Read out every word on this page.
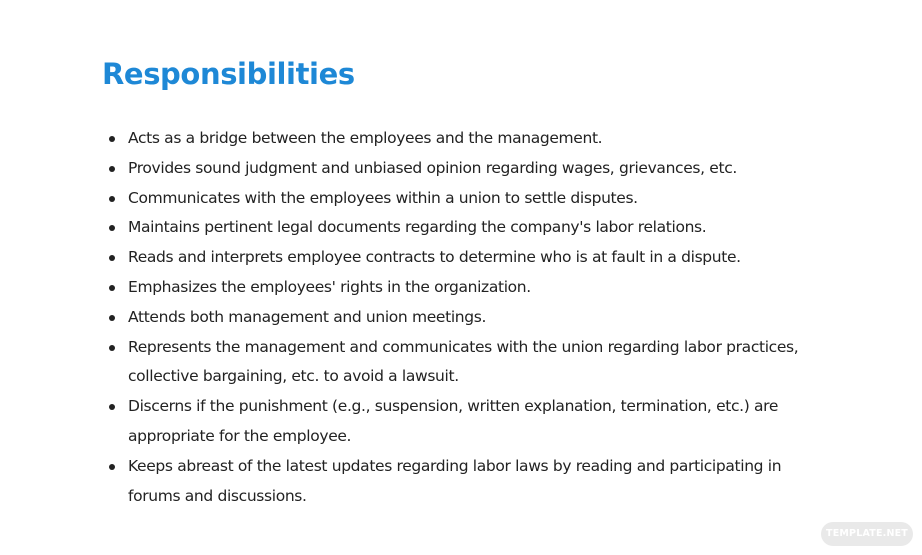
Responsibilities
Acts as a bridge between the employees and the management.
Provides sound judgment and unbiased opinion regarding wages, grievances, etc.
Communicates with the employees within a union to settle disputes.
Maintains pertinent legal documents regarding the company's labor relations.
Reads and interprets employee contracts to determine who is at fault in a dispute.
Emphasizes the employees' rights in the organization.
Attends both management and union meetings.
Represents the management and communicates with the union regarding labor practices, collective bargaining, etc. to avoid a lawsuit.
Discerns if the punishment (e.g., suspension, written explanation, termination, etc.) are appropriate for the employee.
Keeps abreast of the latest updates regarding labor laws by reading and participating in forums and discussions.
TEMPLATE.NET
